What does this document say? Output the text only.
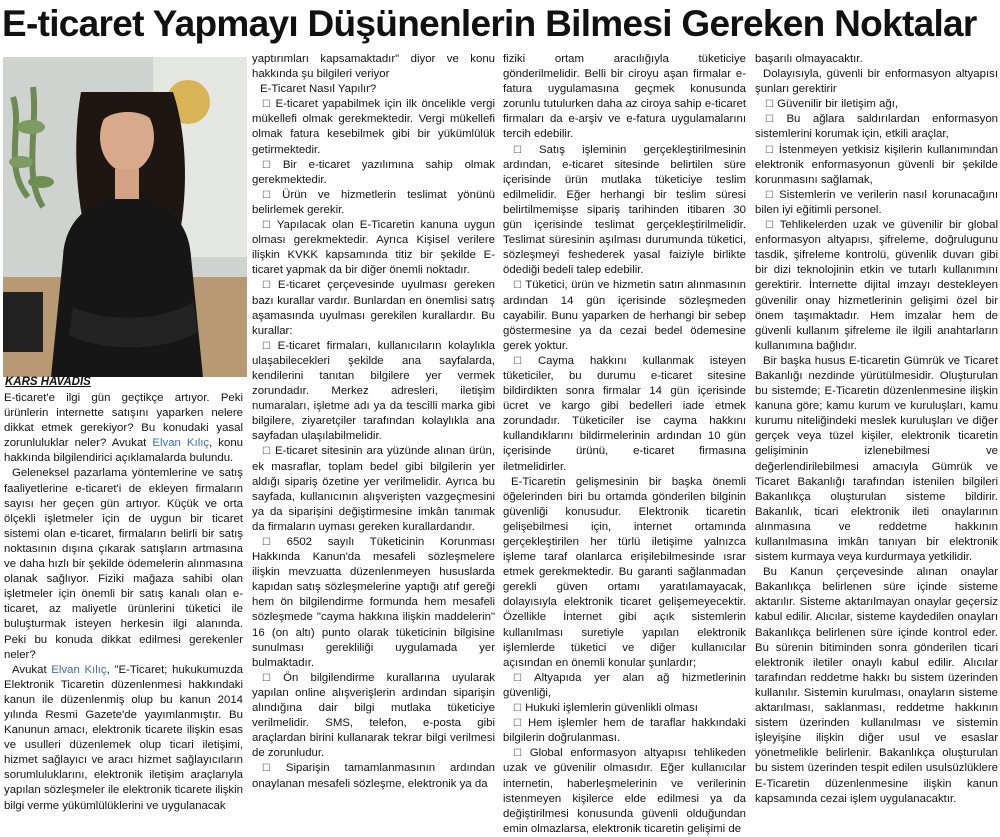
E-ticaret Yapmayı Düşünenlerin Bilmesi Gereken Noktalar
KARS HAVADİS

E-ticaret'e ilgi gün geçtikçe artıyor. Peki ürünlerin internette satışını yaparken nelere dikkat etmek gerekiyor? Bu konudaki yasal zorunluluklar neler? Avukat Elvan Kılıç, konu hakkında bilgilendirici açıklamalarda bulundu.

Geleneksel pazarlama yöntemlerine ve satış faaliyetlerine e-ticaret'i de ekleyen firmaların sayısı her geçen gün artıyor. Küçük ve orta ölçekli işletmeler için de uygun bir ticaret sistemi olan e-ticaret, firmaların belirli bir satış noktasının dışına çıkarak satışların artmasına ve daha hızlı bir şekilde ödemelerin alınmasına olanak sağlıyor. Fiziki mağaza sahibi olan işletmeler için önemli bir satış kanalı olan e-ticaret, az maliyetle ürünlerini tüketici ile buluşturmak isteyen herkesin ilgi alanında. Peki bu konuda dikkat edilmesi gerekenler neler?

Avukat Elvan Kılıç, "E-Ticaret; hukukumuzda Elektronik Ticaretin düzenlenmesi hakkındaki kanun ile düzenlenmiş olup bu kanun 2014 yılında Resmi Gazete'de yayımlanmıştır. Bu Kanunun amacı, elektronik ticarete ilişkin esas ve usulleri düzenlemek olup ticari iletişimi, hizmet sağlayıcı ve aracı hizmet sağlayıcıların sorumluluklarını, elektronik iletişim araçlarıyla yapılan sözleşmeler ile elektronik ticarete ilişkin bilgi verme yükümlülüklerini ve uygulanacak

yaptırımları kapsamaktadır" diyor ve konu hakkında şu bilgileri veriyor

E-Ticaret Nasıl Yapılır?

☐ E-ticaret yapabilmek için ilk öncelikle vergi mükellefi olmak gerekmektedir. Vergi mükellefi olmak fatura kesebilmek gibi bir yükümlülük getirmektedir.

☐ Bir e-ticaret yazılımına sahip olmak gerekmektedir.

☐ Ürün ve hizmetlerin teslimat yönünü belirlemek gerekir.

☐ Yapılacak olan E-Ticaretin kanuna uygun olması gerekmektedir. Ayrıca Kişisel verilere ilişkin KVKK kapsamında titiz bir şekilde E-ticaret yapmak da bir diğer önemli noktadır.

☐ E-ticaret çerçevesinde uyulması gereken bazı kurallar vardır. Bunlardan en önemlisi satış aşamasında uyulması gerekilen kurallardır. Bu kurallar:

☐ E-ticaret firmaları, kullanıcıların kolaylıkla ulaşabilecekleri şekilde ana sayfalarda, kendilerini tanıtan bilgilere yer vermek zorundadır. Merkez adresleri, iletişim numaraları, işletme adı ya da tescilli marka gibi bilgilere, ziyaretçiler tarafından kolaylıkla ana sayfadan ulaşılabilmelidir.

☐ E-ticaret sitesinin ara yüzünde alınan ürün, ek masraflar, toplam bedel gibi bilgilerin yer aldığı sipariş özetine yer verilmelidir. Ayrıca bu sayfada, kullanıcının alışverişten vazgeçmesini ya da siparişini değiştirmesine imkân tanımak da firmaların uyması gereken kurallardandır.

☐ 6502 sayılı Tüketicinin Korunması Hakkında Kanun'da mesafeli sözleşmelere ilişkin mevzuatta düzenlenmeyen hususlarda kapıdan satış sözleşmelerine yaptığı atıf gereği hem ön bilgilendirme formunda hem mesafeli sözleşmede "cayma hakkına ilişkin maddelerin" 16 (on altı) punto olarak tüketicinin bilgisine sunulması gerekliliği uygulamada yer bulmaktadır.

☐ Ön bilgilendirme kurallarına uyularak yapılan online alışverişlerin ardından siparişin alındığına dair bilgi mutlaka tüketiciye verilmelidir. SMS, telefon, e-posta gibi araçlardan birini kullanarak tekrar bilgi verilmesi de zorunludur.

☐ Siparişin tamamlanmasının ardından onaylanan mesafeli sözleşme, elektronik ya da

fiziki ortam aracılığıyla tüketiciye gönderilmelidir. Belli bir ciroyu aşan firmalar e-fatura uygulamasına geçmek konusunda zorunlu tutulurken daha az ciroya sahip e-ticaret firmaları da e-arşiv ve e-fatura uygulamalarını tercih edebilir.

☐ Satış işleminin gerçekleştirilmesinin ardından, e-ticaret sitesinde belirtilen süre içerisinde ürün mutlaka tüketiciye teslim edilmelidir. Eğer herhangi bir teslim süresi belirtilmemişse sipariş tarihinden itibaren 30 gün içerisinde teslimat gerçekleştirilmelidir. Teslimat süresinin aşılması durumunda tüketici, sözleşmeyi feshederek yasal faiziyle birlikte ödediği bedeli talep edebilir.

☐ Tüketici, ürün ve hizmetin satın alınmasının ardından 14 gün içerisinde sözleşmeden cayabilir. Bunu yaparken de herhangi bir sebep göstermesine ya da cezai bedel ödemesine gerek yoktur.

☐ Cayma hakkını kullanmak isteyen tüketiciler, bu durumu e-ticaret sitesine bildirdikten sonra firmalar 14 gün içerisinde ücret ve kargo gibi bedelleri iade etmek zorundadır. Tüketiciler ise cayma hakkını kullandıklarını bildirmelerinin ardından 10 gün içerisinde ürünü, e-ticaret firmasına iletmelidirler.

E-Ticaretin gelişmesinin bir başka önemli öğelerinden biri bu ortamda gönderilen bilginin güvenliği konusudur. Elektronik ticaretin gelişebilmesi için, internet ortamında gerçekleştirilen her türlü iletişime yalnızca işleme taraf olanlarca erişilebilmesinde ısrar etmek gerekmektedir. Bu garanti sağlanmadan gerekli güven ortamı yaratılamayacak, dolayısıyla elektronik ticaret gelişemeyecektir. Özellikle İnternet gibi açık sistemlerin kullanılması suretiyle yapılan elektronik işlemlerde tüketici ve diğer kullanıcılar açısından en önemli konular şunlardır;

☐ Altyapıda yer alan ağ hizmetlerinin güvenliği,

☐ Hukuki işlemlerin güvenlikli olması

☐ Hem işlemler hem de taraflar hakkındaki bilgilerin doğrulanması.

☐ Global enformasyon altyapısı tehlikeden uzak ve güvenilir olmasıdır. Eğer kullanıcılar internetin, haberleşmelerinin ve verilerinin istenmeyen kişilerce elde edilmesi ya da değiştirilmesi konusunda güvenli olduğundan emin olmazlarsa, elektronik ticaretin gelişimi de

başarılı olmayacaktır.

Dolayısıyla, güvenli bir enformasyon altyapısı şunları gerektirir

☐ Güvenilir bir iletişim ağı,

☐ Bu ağlara saldırılardan enformasyon sistemlerini korumak için, etkili araçlar,

☐ İstenmeyen yetkisiz kişilerin kullanımından elektronik enformasyonun güvenli bir şekilde korunmasını sağlamak,

☐ Sistemlerin ve verilerin nasıl korunacağını bilen iyi eğitimli personel.

☐ Tehlikelerden uzak ve güvenilir bir global enformasyon altyapısı, şifreleme, doğrulugunu tasdik, şifreleme kontrolü, güvenlik duvarı gibi bir dizi teknolojinin etkin ve tutarlı kullanımını gerektirir. İnternette dijital imzayı destekleyen güvenilir onay hizmetlerinin gelişimi özel bir önem taşımaktadır. Hem imzalar hem de güvenli kullanım şifreleme ile ilgili anahtarların kullanımına bağlıdır.

Bir başka husus E-ticaretin Gümrük ve Ticaret Bakanlığı nezdinde yürütülmesidir. Oluşturulan bu sistemde; E-Ticaretin düzenlenmesine ilişkin kanuna göre; kamu kurum ve kuruluşları, kamu kurumu niteliğindeki meslek kuruluşları ve diğer gerçek veya tüzel kişiler, elektronik ticaretin gelişiminin izlenebilmesi ve değerlendirilebilmesi amacıyla Gümrük ve Ticaret Bakanlığı tarafından istenilen bilgileri Bakanlıkça oluşturulan sisteme bildirir. Bakanlık, ticari elektronik ileti onaylarının alınmasına ve reddetme hakkının kullanılmasına imkân tanıyan bir elektronik sistem kurmaya veya kurdurmaya yetkilidir.

Bu Kanun çerçevesinde alınan onaylar Bakanlıkça belirlenen süre içinde sisteme aktarılır. Sisteme aktarılmayan onaylar geçersiz kabul edilir. Alıcılar, sisteme kaydedilen onayları Bakanlıkça belirlenen süre içinde kontrol eder. Bu sürenin bitiminden sonra gönderilen ticari elektronik iletiler onaylı kabul edilir. Alıcılar tarafından reddetme hakkı bu sistem üzerinden kullanılır. Sistemin kurulması, onayların sisteme aktarılması, saklanması, reddetme hakkının sistem üzerinden kullanılması ve sistemin işleyişine ilişkin diğer usul ve esaslar yönetmelikle belirlenir. Bakanlıkça oluşturulan bu sistem üzerinden tespit edilen usulsüzlüklere E-Ticaretin düzenlenmesine ilişkin kanun kapsamında cezai işlem uygulanacaktır.
